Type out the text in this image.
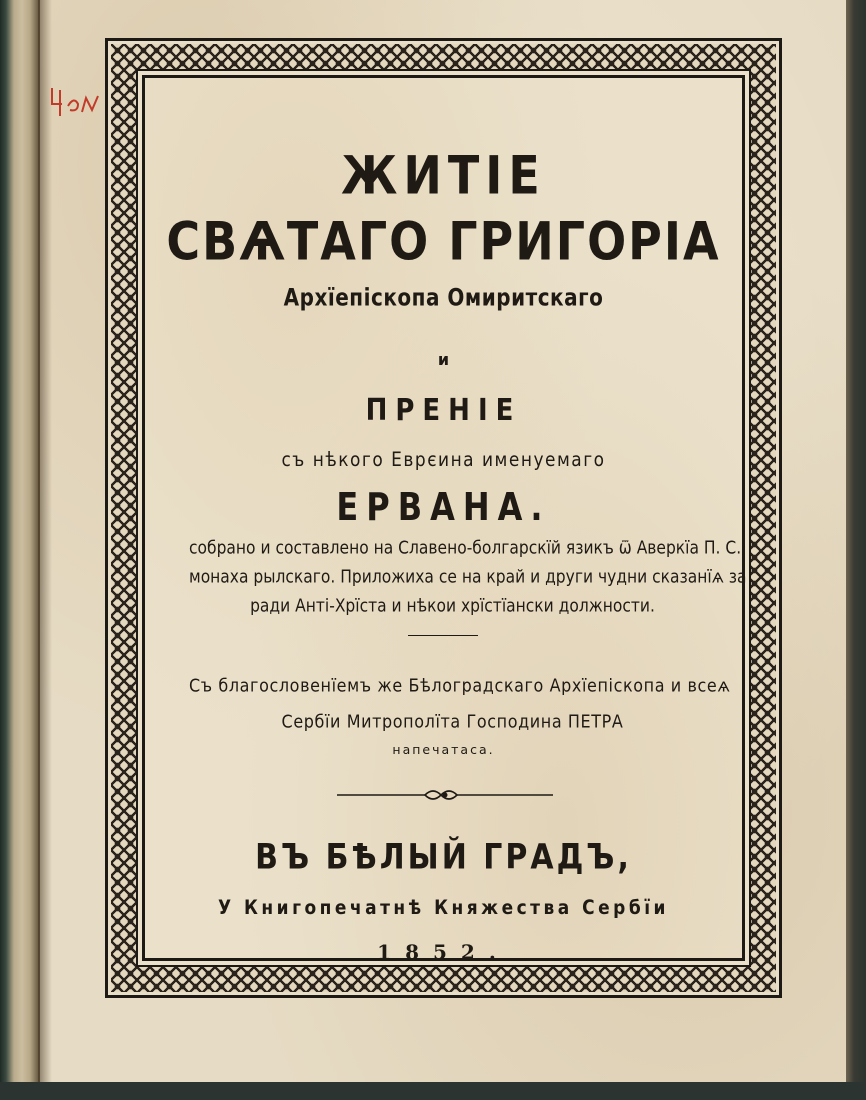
ЖИТІЕ
СВѦТАГО ГРИГОРІА
Архїепіскопа Омиритскаго
и
ПРЕНІЕ
съ нѣкого Еврєина именуемаго
ЕРВАНА.
собрано и составлено на Славено-болгарскїй язикъ ѿ Аверкїа П. С.
монаха рылскаго. Приложиха се на край и други чудни сказанїѧ за
ради Анті-Хрїста и нѣкои хрїстїански должности.
Съ благословенїемъ же Бѣлоградскаго Архїепіскопа и всеѧ
Сербїи Митрополїта Господина ПЕТРА
напечатаса.
ВЪ БѢЛЫЙ ГРАДЪ,
У Книгопечатнѣ Княжества Сербїи
1852.
